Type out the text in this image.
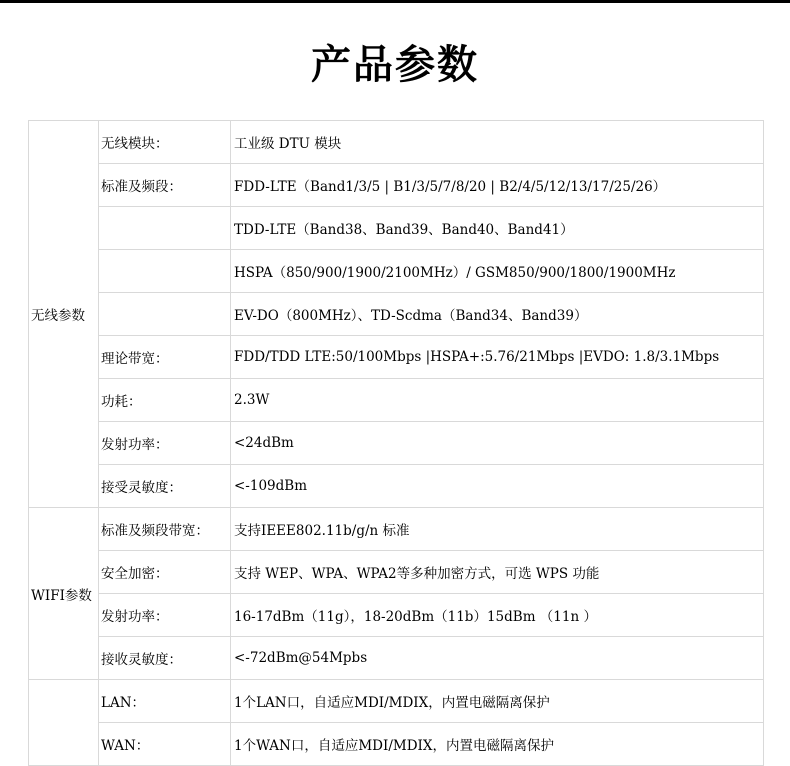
产品参数
无线参数	无线模块：	工业级 DTU 模块
	标准及频段：	FDD-LTE（Band1/3/5 | B1/3/5/7/8/20 | B2/4/5/12/13/17/25/26）
		TDD-LTE（Band38、Band39、Band40、Band41）
		HSPA（850/900/1900/2100MHz）/ GSM850/900/1800/1900MHz
		EV-DO（800MHz）、TD-Scdma（Band34、Band39）
	理论带宽：	FDD/TDD LTE:50/100Mbps |HSPA+:5.76/21Mbps |EVDO: 1.8/3.1Mbps
	功耗：	2.3W
	发射功率：	<24dBm
	接受灵敏度：	<-109dBm
WIFI参数	标准及频段带宽：	支持IEEE802.11b/g/n 标准
	安全加密：	支持 WEP、WPA、WPA2等多种加密方式，可选 WPS 功能
	发射功率：	16-17dBm（11g），18-20dBm（11b）15dBm （11n ）
	接收灵敏度：	<-72dBm@54Mpbs
	LAN：	1个LAN口，自适应MDI/MDIX，内置电磁隔离保护
	WAN：	1个WAN口，自适应MDI/MDIX，内置电磁隔离保护
